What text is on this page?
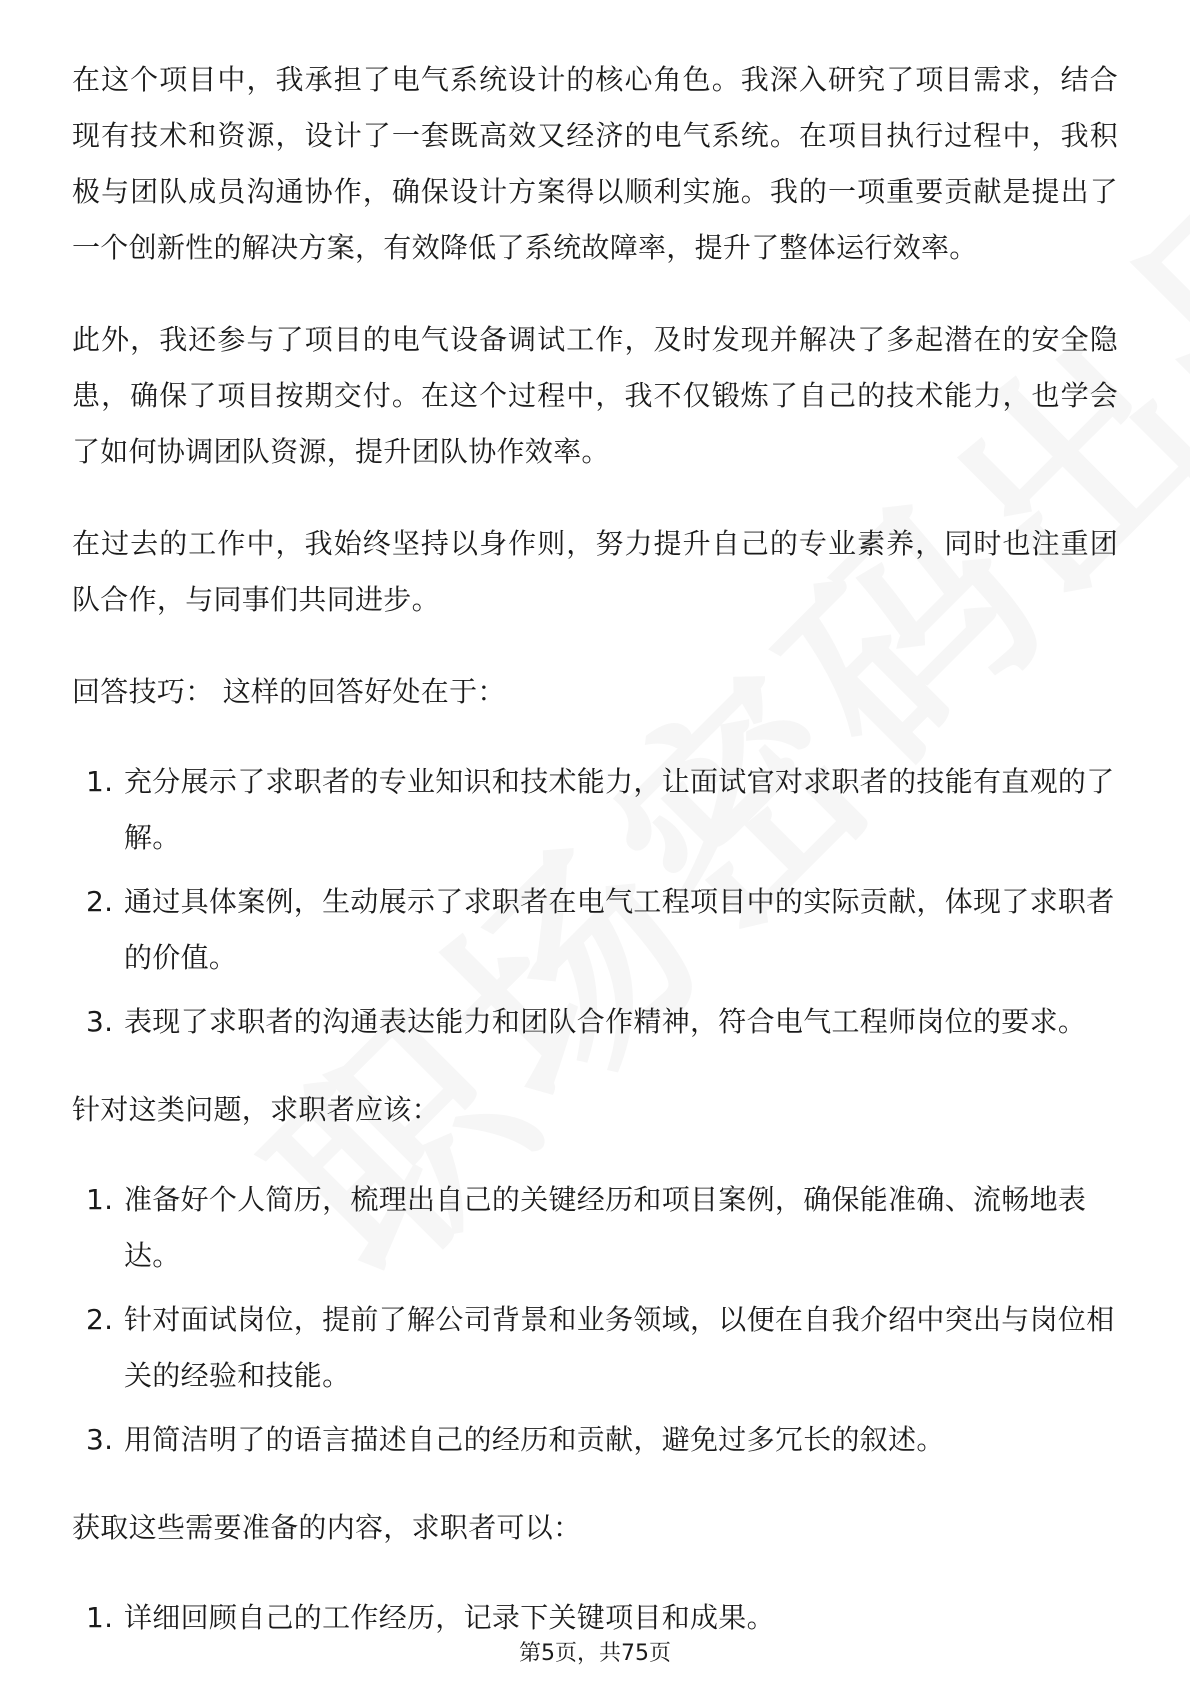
在这个项目中，我承担了电气系统设计的核心角色。我深入研究了项目需求，结合现有技术和资源，设计了一套既高效又经济的电气系统。在项目执行过程中，我积极与团队成员沟通协作，确保设计方案得以顺利实施。我的一项重要贡献是提出了一个创新性的解决方案，有效降低了系统故障率，提升了整体运行效率。

此外，我还参与了项目的电气设备调试工作，及时发现并解决了多起潜在的安全隐患，确保了项目按期交付。在这个过程中，我不仅锻炼了自己的技术能力，也学会了如何协调团队资源，提升团队协作效率。

在过去的工作中，我始终坚持以身作则，努力提升自己的专业素养，同时也注重团队合作，与同事们共同进步。

回答技巧： 这样的回答好处在于：

1. 充分展示了求职者的专业知识和技术能力，让面试官对求职者的技能有直观的了解。
2. 通过具体案例，生动展示了求职者在电气工程项目中的实际贡献，体现了求职者的价值。
3. 表现了求职者的沟通表达能力和团队合作精神，符合电气工程师岗位的要求。

针对这类问题，求职者应该：

1. 准备好个人简历，梳理出自己的关键经历和项目案例，确保能准确、流畅地表达。
2. 针对面试岗位，提前了解公司背景和业务领域，以便在自我介绍中突出与岗位相关的经验和技能。
3. 用简洁明了的语言描述自己的经历和贡献，避免过多冗长的叙述。

获取这些需要准备的内容，求职者可以：

1. 详细回顾自己的工作经历，记录下关键项目和成果。
第5页，共75页
